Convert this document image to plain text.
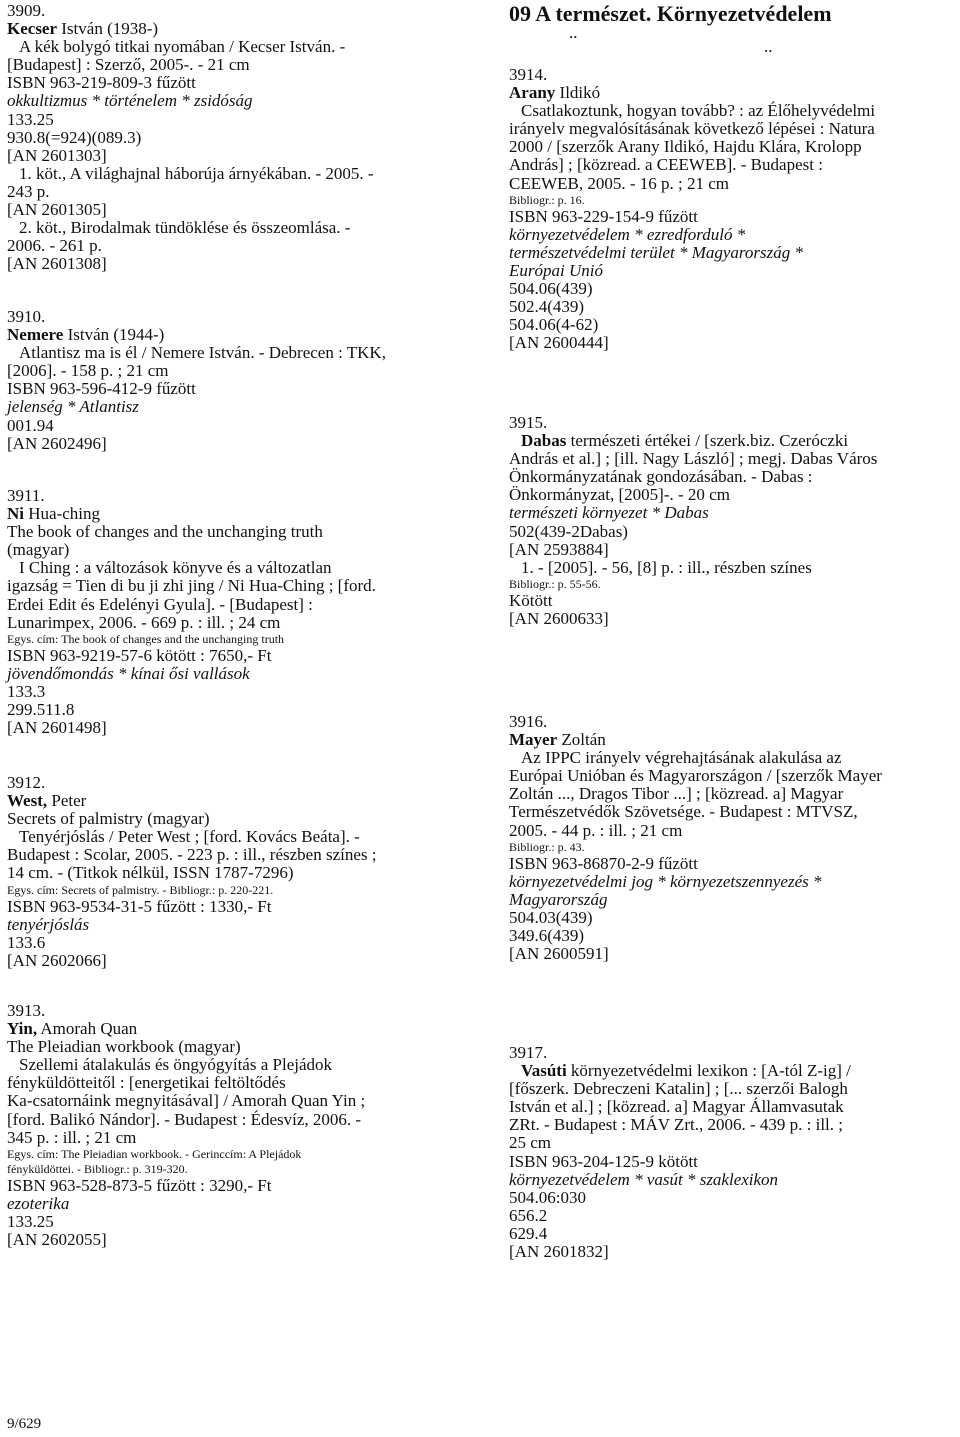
3909.
Kecser István (1938-)
A kék bolygó titkai nyomában / Kecser István. -
[Budapest] : Szerző, 2005-. - 21 cm
ISBN 963-219-809-3 fűzött
okkultizmus * történelem * zsidóság
133.25
930.8(=924)(089.3)
[AN 2601303]
1. köt., A világhajnal háborúja árnyékában. - 2005. -
243 p.
[AN 2601305]
2. köt., Birodalmak tündöklése és összeomlása. -
2006. - 261 p.
[AN 2601308]
3910.
Nemere István (1944-)
Atlantisz ma is él / Nemere István. - Debrecen : TKK,
[2006]. - 158 p. ; 21 cm
ISBN 963-596-412-9 fűzött
jelenség * Atlantisz
001.94
[AN 2602496]
3911.
Ni Hua-ching
The book of changes and the unchanging truth
(magyar)
I Ching : a változások könyve és a változatlan
igazság = Tien di bu ji zhi jing / Ni Hua-Ching ; [ford.
Erdei Edit és Edelényi Gyula]. - [Budapest] :
Lunarimpex, 2006. - 669 p. : ill. ; 24 cm
Egys. cím: The book of changes and the unchanging truth
ISBN 963-9219-57-6 kötött : 7650,- Ft
jövendőmondás * kínai ősi vallások
133.3
299.511.8
[AN 2601498]
3912.
West, Peter
Secrets of palmistry (magyar)
Tenyérjóslás / Peter West ; [ford. Kovács Beáta]. -
Budapest : Scolar, 2005. - 223 p. : ill., részben színes ;
14 cm. - (Titkok nélkül, ISSN 1787-7296)
Egys. cím: Secrets of palmistry. - Bibliogr.: p. 220-221.
ISBN 963-9534-31-5 fűzött : 1330,- Ft
tenyérjóslás
133.6
[AN 2602066]
3913.
Yin, Amorah Quan
The Pleiadian workbook (magyar)
Szellemi átalakulás és öngyógyítás a Plejádok
fényküldötteitől : [energetikai feltöltődés
Ka-csatornáink megnyitásával] / Amorah Quan Yin ;
[ford. Balikó Nándor]. - Budapest : Édesvíz, 2006. -
345 p. : ill. ; 21 cm
Egys. cím: The Pleiadian workbook. - Gerinccím: A Plejádok
fényküldöttei. - Bibliogr.: p. 319-320.
ISBN 963-528-873-5 fűzött : 3290,- Ft
ezoterika
133.25
[AN 2602055]
09 A természet. Környezetvédelem
..
..
3914.
Arany Ildikó
Csatlakoztunk, hogyan tovább? : az Élőhelyvédelmi
irányelv megvalósításának következő lépései : Natura
2000 / [szerzők Arany Ildikó, Hajdu Klára, Krolopp
András] ; [közread. a CEEWEB]. - Budapest :
CEEWEB, 2005. - 16 p. ; 21 cm
Bibliogr.: p. 16.
ISBN 963-229-154-9 fűzött
környezetvédelem * ezredforduló *
természetvédelmi terület * Magyarország *
Európai Unió
504.06(439)
502.4(439)
504.06(4-62)
[AN 2600444]
3915.
Dabas természeti értékei / [szerk.biz. Czeróczki
András et al.] ; [ill. Nagy László] ; megj. Dabas Város
Önkormányzatának gondozásában. - Dabas :
Önkormányzat, [2005]-. - 20 cm
természeti környezet * Dabas
502(439-2Dabas)
[AN 2593884]
1. - [2005]. - 56, [8] p. : ill., részben színes
Bibliogr.: p. 55-56.
Kötött
[AN 2600633]
3916.
Mayer Zoltán
Az IPPC irányelv végrehajtásának alakulása az
Európai Unióban és Magyarországon / [szerzők Mayer
Zoltán ..., Dragos Tibor ...] ; [közread. a] Magyar
Természetvédők Szövetsége. - Budapest : MTVSZ,
2005. - 44 p. : ill. ; 21 cm
Bibliogr.: p. 43.
ISBN 963-86870-2-9 fűzött
környezetvédelmi jog * környezetszennyezés *
Magyarország
504.03(439)
349.6(439)
[AN 2600591]
3917.
Vasúti környezetvédelmi lexikon : [A-tól Z-ig] /
[főszerk. Debreczeni Katalin] ; [... szerzői Balogh
István et al.] ; [közread. a] Magyar Államvasutak
ZRt. - Budapest : MÁV Zrt., 2006. - 439 p. : ill. ;
25 cm
ISBN 963-204-125-9 kötött
környezetvédelem * vasút * szaklexikon
504.06:030
656.2
629.4
[AN 2601832]
9/629
